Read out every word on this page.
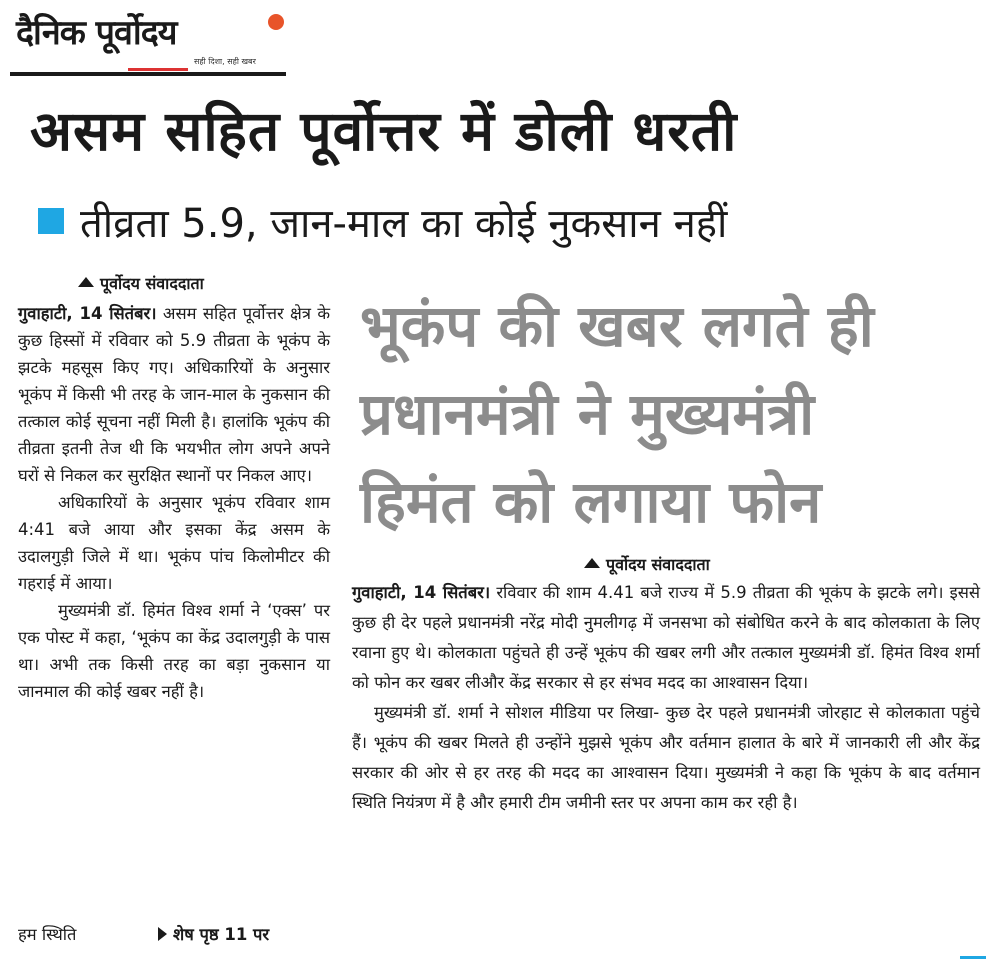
दैनिक पूर्वोदय
सही दिशा, सही खबर
असम सहित पूर्वोत्तर में डोली धरती
तीव्रता 5.9, जान-माल का कोई नुकसान नहीं
पूर्वोदय संवाददाता

गुवाहाटी, 14 सितंबर। असम सहित पूर्वोत्तर क्षेत्र के कुछ हिस्सों में रविवार को 5.9 तीव्रता के भूकंप के झटके महसूस किए गए। अधिकारियों के अनुसार भूकंप में किसी भी तरह के जान-माल के नुकसान की तत्काल कोई सूचना नहीं मिली है। हालांकि भूकंप की तीव्रता इतनी तेज थी कि भयभीत लोग अपने अपने घरों से निकल कर सुरक्षित स्थानों पर निकल आए।

अधिकारियों के अनुसार भूकंप रविवार शाम 4:41 बजे आया और इसका केंद्र असम के उदालगुड़ी जिले में था। भूकंप पांच किलोमीटर की गहराई में आया।

मुख्यमंत्री डॉ. हिमंत विश्व शर्मा ने ‘एक्स’ पर एक पोस्ट में कहा, ‘भूकंप का केंद्र उदालगुड़ी के पास था। अभी तक किसी तरह का बड़ा नुकसान या जानमाल की कोई खबर नहीं है।

हम स्थिति	शेष पृष्ठ 11 पर
भूकंप की खबर लगते ही
प्रधानमंत्री ने मुख्यमंत्री
हिमंत को लगाया फोन
पूर्वोदय संवाददाता

गुवाहाटी, 14 सितंबर। रविवार की शाम 4.41 बजे राज्य में 5.9 तीव्रता की भूकंप के झटके लगे। इससे कुछ ही देर पहले प्रधानमंत्री नरेंद्र मोदी नुमलीगढ़ में जनसभा को संबोधित करने के बाद कोलकाता के लिए रवाना हुए थे। कोलकाता पहुंचते ही उन्हें भूकंप की खबर लगी और तत्काल मुख्यमंत्री डॉ. हिमंत विश्व शर्मा को फोन कर खबर लीऔर केंद्र सरकार से हर संभव मदद का आश्वासन दिया।

मुख्यमंत्री डॉ. शर्मा ने सोशल मीडिया पर लिखा- कुछ देर पहले प्रधानमंत्री जोरहाट से कोलकाता पहुंचे हैं। भूकंप की खबर मिलते ही उन्होंने मुझसे भूकंप और वर्तमान हालात के बारे में जानकारी ली और केंद्र सरकार की ओर से हर तरह की मदद का आश्वासन दिया। मुख्यमंत्री ने कहा कि भूकंप के बाद वर्तमान स्थिति नियंत्रण में है और हमारी टीम जमीनी स्तर पर अपना काम कर रही है।
